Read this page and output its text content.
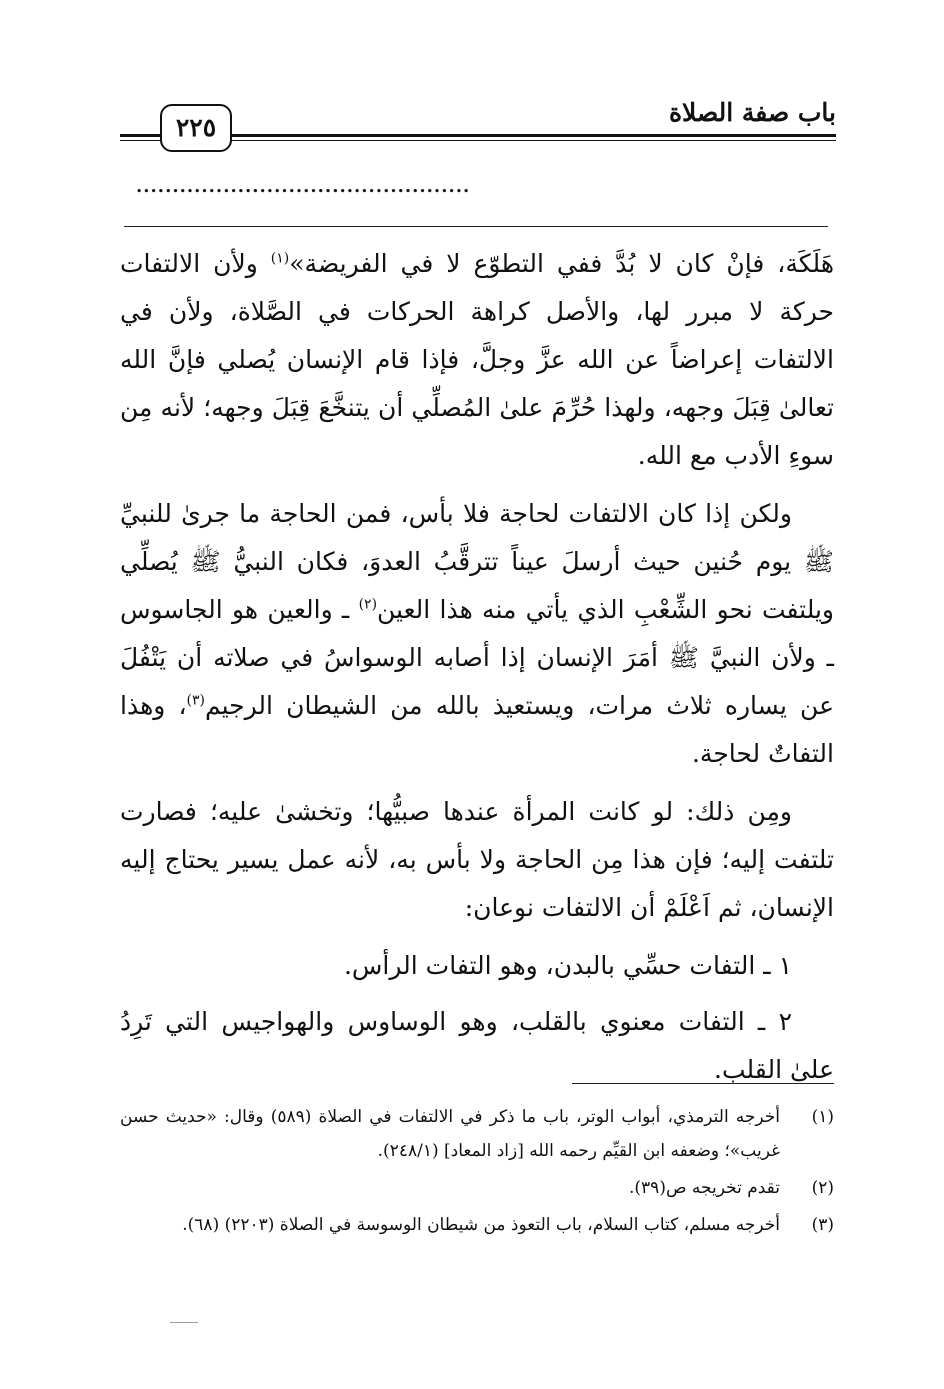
٢٢٥
باب صفة الصلاة
..............................................

هَلَكَة، فإنْ كان لا بُدَّ ففي التطوّع لا في الفريضة»$^{(١)}$ ولأن الالتفات حركة لا مبرر لها، والأصل كراهة الحركات في الصَّلاة، ولأن في الالتفات إعراضاً عن الله عزَّ وجلَّ، فإذا قام الإنسان يُصلي فإنَّ الله تعالىٰ قِبَلَ وجهه، ولهذا حُرِّمَ علىٰ المُصلِّي أن يتنخَّعَ قِبَلَ وجهه؛ لأنه مِن سوءِ الأدب مع الله.

ولكن إذا كان الالتفات لحاجة فلا بأس، فمن الحاجة ما جرىٰ للنبيِّ ﷺ يوم حُنين حيث أرسلَ عيناً تترقَّبُ العدوَ، فكان النبيُّ ﷺ يُصلِّي ويلتفت نحو الشِّعْبِ الذي يأتي منه هذا العين$^{(٢)}$ ـ والعين هو الجاسوس ـ ولأن النبيَّ ﷺ أمَرَ الإنسان إذا أصابه الوسواسُ في صلاته أن يَتْفُلَ عن يساره ثلاث مرات، ويستعيذ بالله من الشيطان الرجيم$^{(٣)}$، وهذا التفاتٌ لحاجة.

ومِن ذلك: لو كانت المرأة عندها صبيُّها؛ وتخشىٰ عليه؛ فصارت تلتفت إليه؛ فإن هذا مِن الحاجة ولا بأس به، لأنه عمل يسير يحتاج إليه الإنسان، ثم اَعْلَمْ أن الالتفات نوعان:

١ ـ التفات حسِّي بالبدن، وهو التفات الرأس.

٢ ـ التفات معنوي بالقلب، وهو الوساوس والهواجيس التي تَرِدُ علىٰ القلب.

(١)
أخرجه الترمذي، أبواب الوتر، باب ما ذكر في الالتفات في الصلاة (٥٨٩) وقال: «حديث حسن غريب»؛ وضعفه ابن القيِّم رحمه الله [زاد المعاد] (٢٤٨/١).
(٢)
تقدم تخريجه ص(٣٩).
(٣)
أخرجه مسلم، كتاب السلام، باب التعوذ من شيطان الوسوسة في الصلاة (٢٢٠٣) (٦٨).
